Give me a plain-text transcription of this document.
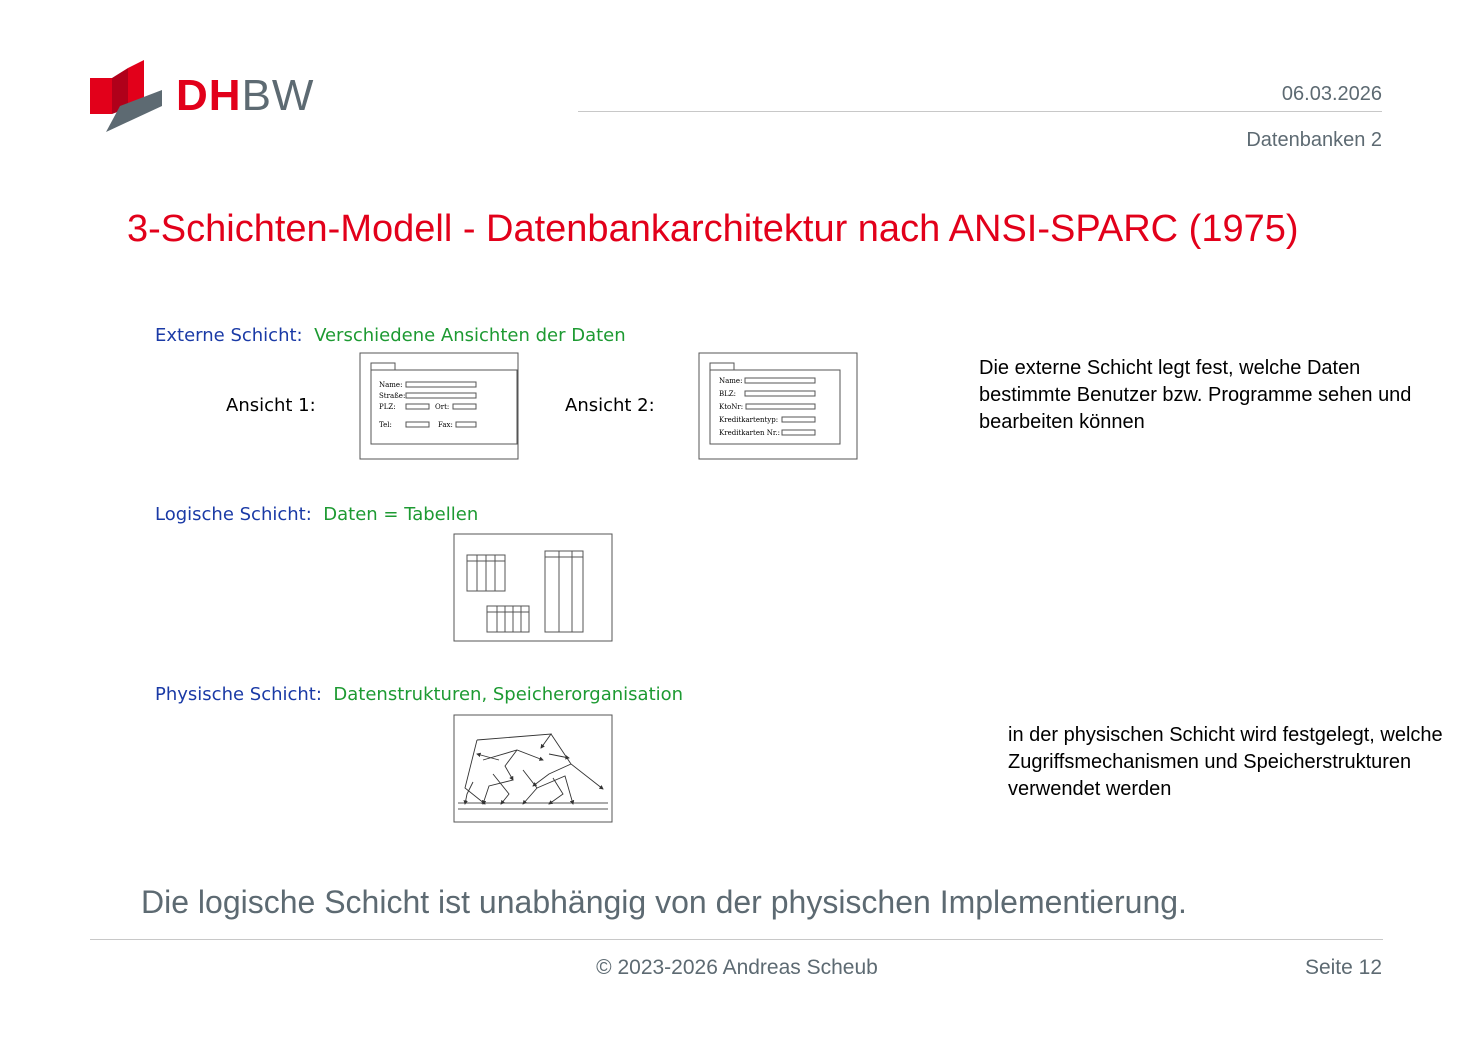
DHBW	06.03.2026
Datenbanken 2
3-Schichten-Modell - Datenbankarchitektur nach ANSI-SPARC (1975)
Externe Schicht: Verschiedene Ansichten der Daten
Ansicht 1:	Ansicht 2:
Name:
Straße:
PLZ:	Ort:
Tel:	Fax:
Name:
BLZ:
KtoNr:
Kreditkartentyp:
Kreditkarten Nr.:
Die externe Schicht legt fest, welche Daten bestimmte Benutzer bzw. Programme sehen und bearbeiten können
Logische Schicht: Daten = Tabellen
Physische Schicht: Datenstrukturen, Speicherorganisation
in der physischen Schicht wird festgelegt, welche Zugriffsmechanismen und Speicherstrukturen verwendet werden
Die logische Schicht ist unabhängig von der physischen Implementierung.
© 2023-2026 Andreas Scheub	Seite 12
